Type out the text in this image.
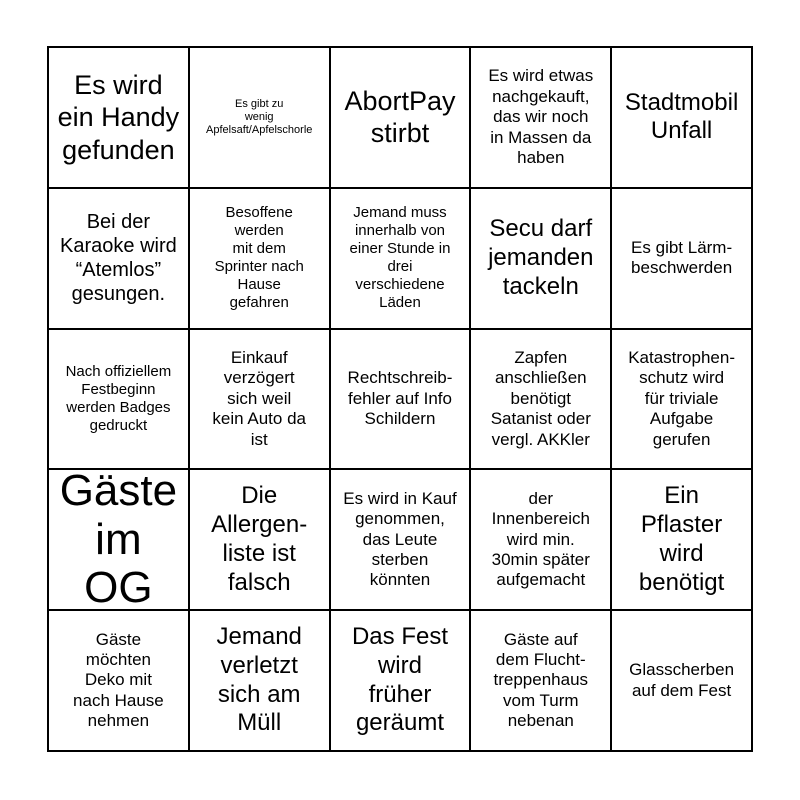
Es wird
ein Handy
gefunden
Es gibt zu
wenig
Apfelsaft/Apfelschorle
AbortPay
stirbt
Es wird etwas
nachgekauft,
das wir noch
in Massen da
haben
Stadtmobil
Unfall
Bei der
Karaoke wird
“Atemlos”
gesungen.
Besoffene
werden
mit dem
Sprinter nach
Hause
gefahren
Jemand muss
innerhalb von
einer Stunde in
drei
verschiedene
Läden
Secu darf
jemanden
tackeln
Es gibt Lärm-
beschwerden
Nach offiziellem
Festbeginn
werden Badges
gedruckt
Einkauf
verzögert
sich weil
kein Auto da
ist
Rechtschreib-
fehler auf Info
Schildern
Zapfen
anschließen
benötigt
Satanist oder
vergl. AKKler
Katastrophen-
schutz wird
für triviale
Aufgabe
gerufen
Gäste
im OG
Die
Allergen-
liste ist
falsch
Es wird in Kauf
genommen,
das Leute
sterben
könnten
der
Innenbereich
wird min.
30min später
aufgemacht
Ein
Pflaster
wird
benötigt
Gäste
möchten
Deko mit
nach Hause
nehmen
Jemand
verletzt
sich am
Müll
Das Fest
wird
früher
geräumt
Gäste auf
dem Flucht-
treppenhaus
vom Turm
nebenan
Glasscherben
auf dem Fest
